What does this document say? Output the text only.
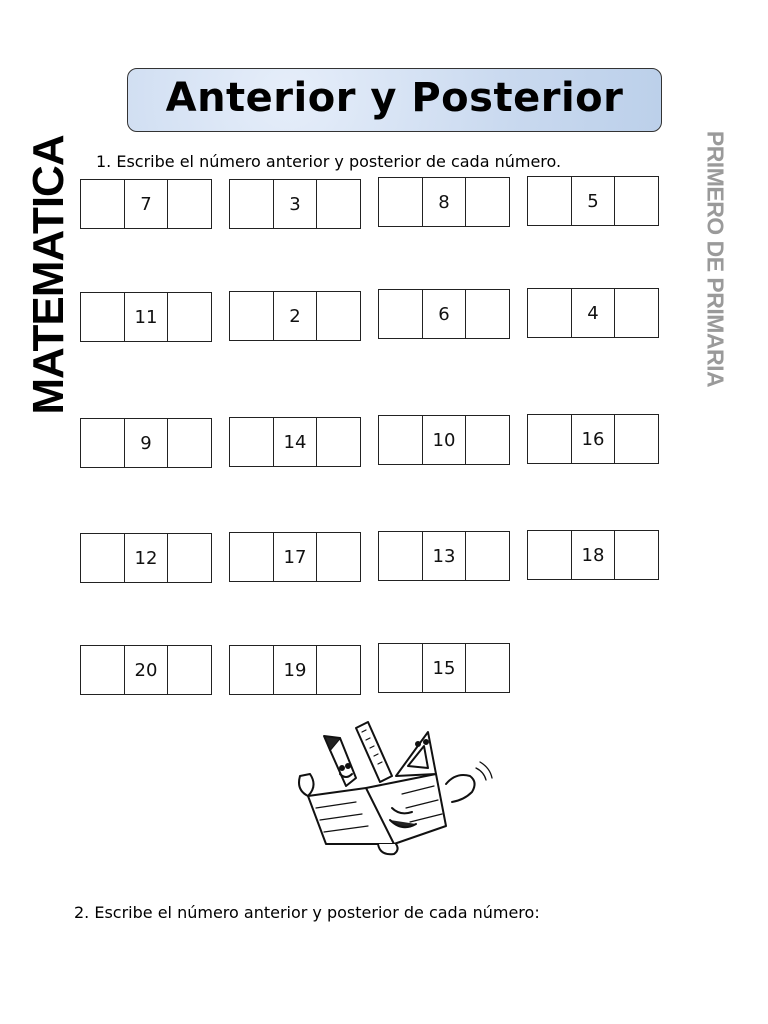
Anterior y Posterior
MATEMATICA	PRIMERO DE PRIMARIA
1. Escribe el número anterior y posterior de cada número.
7	3	8	5
11	2	6	4
9	14	10	16
12	17	13	18
20	19	15
2. Escribe el número anterior y posterior de cada número:
